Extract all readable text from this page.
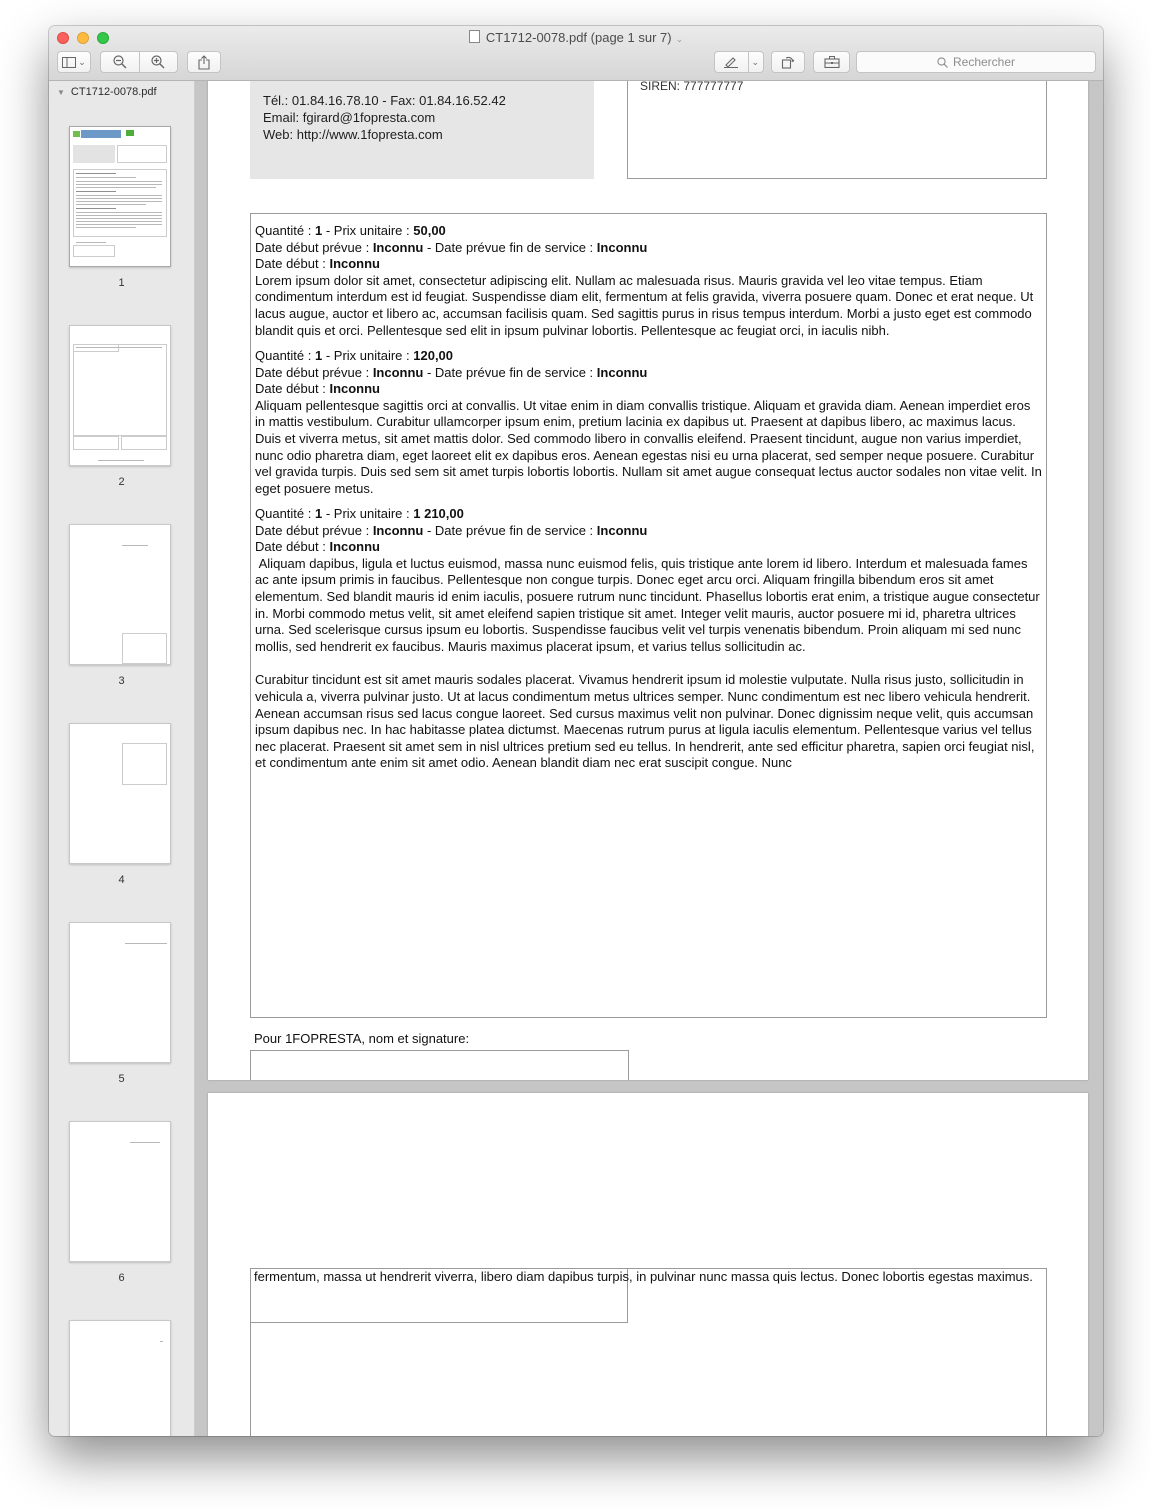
CT1712-0078.pdf (page 1 sur 7) ⌄
⌄	⌄	Rechercher
▼ CT1712-0078.pdf
1
2
3
4
5
6
Tél.: 01.84.16.78.10 - Fax: 01.84.16.52.42
Email: fgirard@1fopresta.com
Web: http://www.1fopresta.com
SIREN: 777777777
Quantité : 1 - Prix unitaire : 50,00
Date début prévue : Inconnu - Date prévue fin de service : Inconnu
Date début : Inconnu

Lorem ipsum dolor sit amet, consectetur adipiscing elit. Nullam ac malesuada risus. Mauris gravida vel leo vitae tempus. Etiam condimentum interdum est id feugiat. Suspendisse diam elit, fermentum at felis gravida, viverra posuere quam. Donec et erat neque. Ut lacus augue, auctor et libero ac, accumsan facilisis quam. Sed sagittis purus in risus tempus interdum. Morbi a justo eget est commodo blandit quis et orci. Pellentesque sed elit in ipsum pulvinar lobortis. Pellentesque ac feugiat orci, in iaculis nibh.

Quantité : 1 - Prix unitaire : 120,00
Date début prévue : Inconnu - Date prévue fin de service : Inconnu
Date début : Inconnu

Aliquam pellentesque sagittis orci at convallis. Ut vitae enim in diam convallis tristique. Aliquam et gravida diam. Aenean imperdiet eros in mattis vestibulum. Curabitur ullamcorper ipsum enim, pretium lacinia ex dapibus ut. Praesent at dapibus libero, ac maximus lacus. Duis et viverra metus, sit amet mattis dolor. Sed commodo libero in convallis eleifend. Praesent tincidunt, augue non varius imperdiet, nunc odio pharetra diam, eget laoreet elit ex dapibus eros. Aenean egestas nisi eu urna placerat, sed semper neque posuere. Curabitur vel gravida turpis. Duis sed sem sit amet turpis lobortis lobortis. Nullam sit amet augue consequat lectus auctor sodales non vitae velit. In eget posuere metus.

Quantité : 1 - Prix unitaire : 1 210,00
Date début prévue : Inconnu - Date prévue fin de service : Inconnu
Date début : Inconnu

Aliquam dapibus, ligula et luctus euismod, massa nunc euismod felis, quis tristique ante lorem id libero. Interdum et malesuada fames ac ante ipsum primis in faucibus. Pellentesque non congue turpis. Donec eget arcu orci. Aliquam fringilla bibendum eros sit amet elementum. Sed blandit mauris id enim iaculis, posuere rutrum nunc tincidunt. Phasellus lobortis erat enim, a tristique augue consectetur in. Morbi commodo metus velit, sit amet eleifend sapien tristique sit amet. Integer velit mauris, auctor posuere mi id, pharetra ultrices urna. Sed scelerisque cursus ipsum eu lobortis. Suspendisse faucibus velit vel turpis venenatis bibendum. Proin aliquam mi sed nunc mollis, sed hendrerit ex faucibus. Mauris maximus placerat ipsum, et varius tellus sollicitudin ac.

Curabitur tincidunt est sit amet mauris sodales placerat. Vivamus hendrerit ipsum id molestie vulputate. Nulla risus justo, sollicitudin in vehicula a, viverra pulvinar justo. Ut at lacus condimentum metus ultrices semper. Nunc condimentum est nec libero vehicula hendrerit. Aenean accumsan risus sed lacus congue laoreet. Sed cursus maximus velit non pulvinar. Donec dignissim neque velit, quis accumsan ipsum dapibus nec. In hac habitasse platea dictumst. Maecenas rutrum purus at ligula iaculis elementum. Pellentesque varius vel tellus nec placerat. Praesent sit amet sem in nisl ultrices pretium sed eu tellus. In hendrerit, ante sed efficitur pharetra, sapien orci feugiat nisl, et condimentum ante enim sit amet odio. Aenean blandit diam nec erat suscipit congue. Nunc

Pour 1FOPRESTA, nom et signature:
fermentum, massa ut hendrerit viverra, libero diam dapibus turpis, in pulvinar nunc massa quis lectus. Donec lobortis egestas maximus.
